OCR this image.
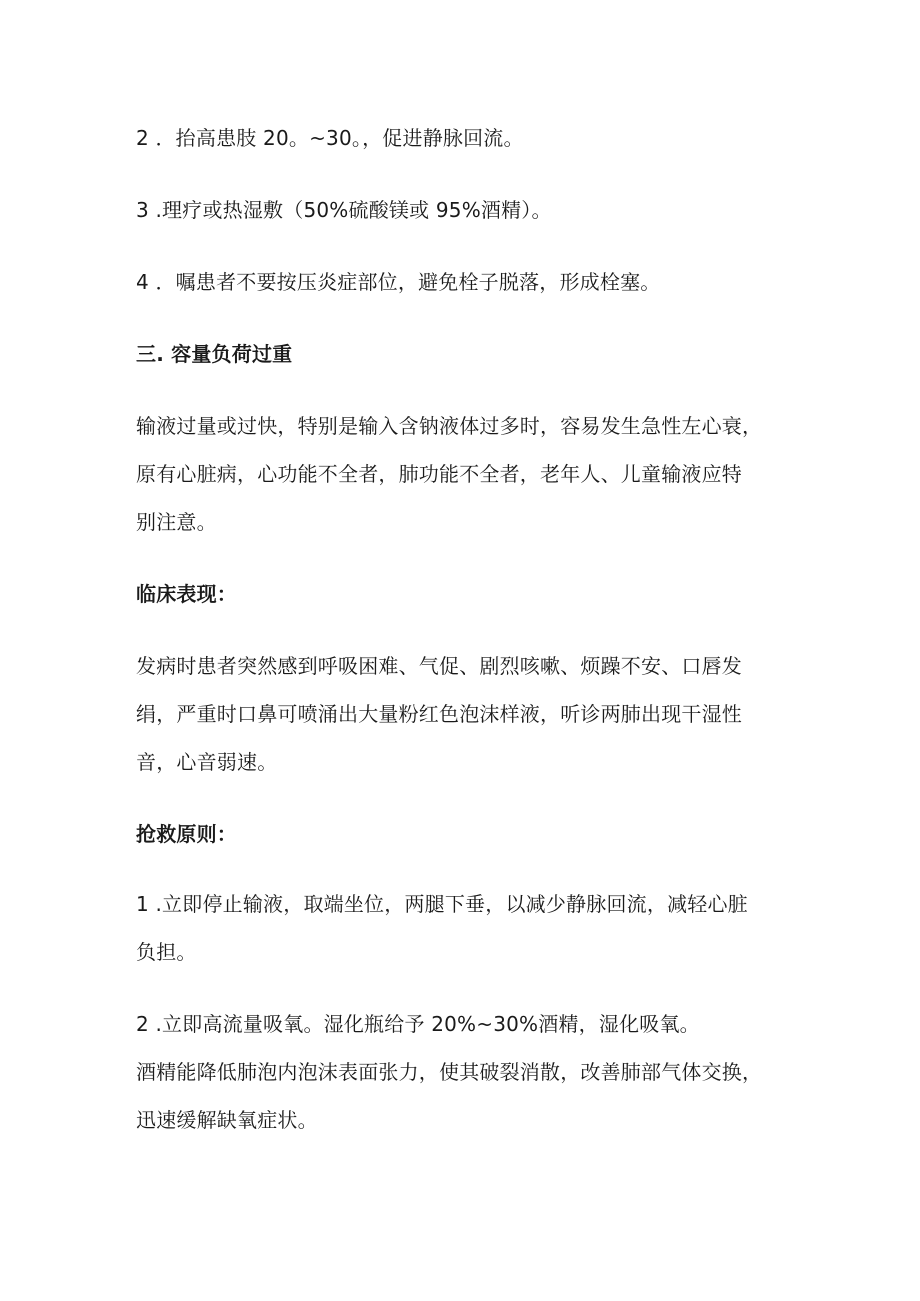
2 ．抬高患肢 20。~30。，促进静脉回流。
3 .理疗或热湿敷（50%硫酸镁或 95%酒精）。
4 ．嘱患者不要按压炎症部位，避免栓子脱落，形成栓塞。
三. 容量负荷过重
输液过量或过快，特别是输入含钠液体过多时，容易发生急性左心衰，
原有心脏病，心功能不全者，肺功能不全者，老年人、儿童输液应特
别注意。
临床表现：
发病时患者突然感到呼吸困难、气促、剧烈咳嗽、烦躁不安、口唇发
绢，严重时口鼻可喷涌出大量粉红色泡沫样液，听诊两肺出现干湿性
音，心音弱速。
抢救原则：
1 .立即停止输液，取端坐位，两腿下垂，以减少静脉回流，减轻心脏
负担。
2 .立即高流量吸氧。湿化瓶给予 20%~30%酒精，湿化吸氧。
酒精能降低肺泡内泡沫表面张力，使其破裂消散，改善肺部气体交换，
迅速缓解缺氧症状。
